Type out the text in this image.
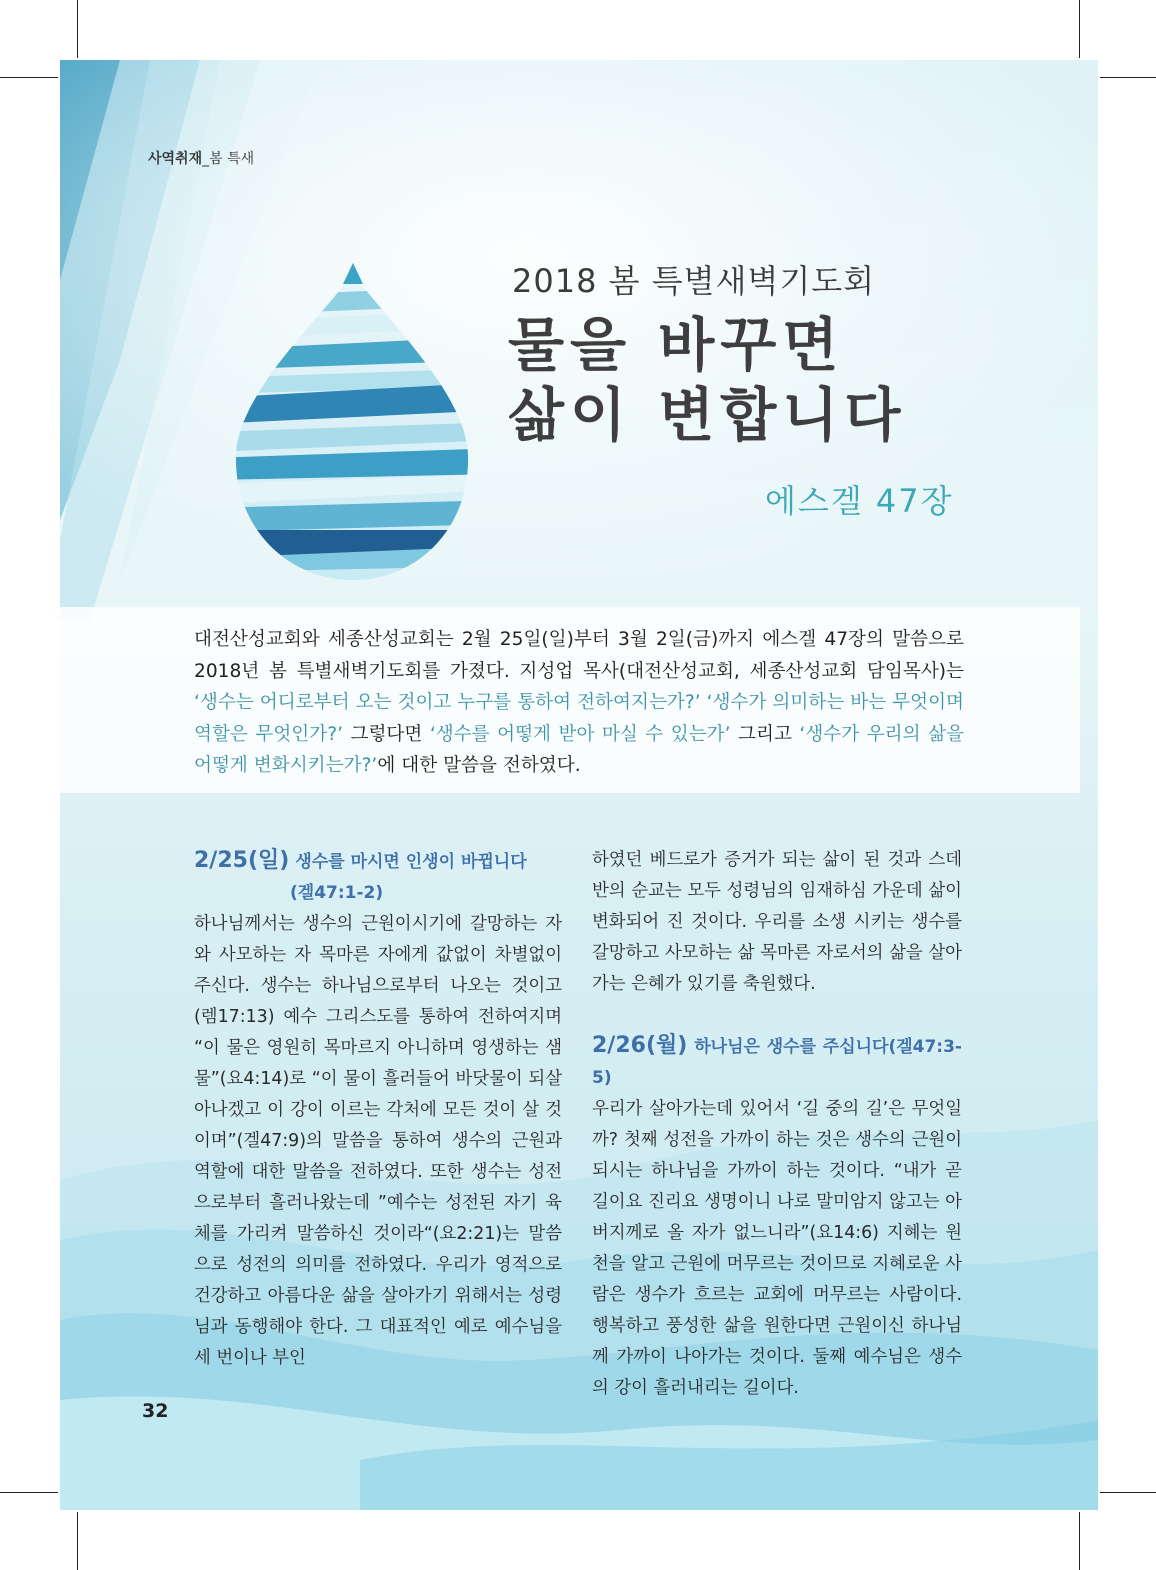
사역취재_봄 특새
2018 봄 특별새벽기도회
물을 바꾸면
삶이 변합니다
에스겔 47장
대전산성교회와 세종산성교회는 2월 25일(일)부터 3월 2일(금)까지 에스겔 47장의 말씀으로 2018년 봄 특별새벽기도회를 가졌다. 지성업 목사(대전산성교회, 세종산성교회 담임목사)는 ‘생수는 어디로부터 오는 것이고 누구를 통하여 전하여지는가?’ ‘생수가 의미하는 바는 무엇이며 역할은 무엇인가?’ 그렇다면 ‘생수를 어떻게 받아 마실 수 있는가’ 그리고 ‘생수가 우리의 삶을 어떻게 변화시키는가?’에 대한 말씀을 전하였다.
2/25(일) 생수를 마시면 인생이 바뀝니다
(겔47:1-2)

하나님께서는 생수의 근원이시기에 갈망하는 자와 사모하는 자 목마른 자에게 값없이 차별없이 주신다. 생수는 하나님으로부터 나오는 것이고(렘17:13) 예수 그리스도를 통하여 전하여지며 “이 물은 영원히 목마르지 아니하며 영생하는 샘물”(요4:14)로 “이 물이 흘러들어 바닷물이 되살아나겠고 이 강이 이르는 각처에 모든 것이 살 것이며”(겔47:9)의 말씀을 통하여 생수의 근원과 역할에 대한 말씀을 전하였다. 또한 생수는 성전으로부터 흘러나왔는데 ”예수는 성전된 자기 육체를 가리켜 말씀하신 것이라“(요2:21)는 말씀으로 성전의 의미를 전하였다. 우리가 영적으로 건강하고 아름다운 삶을 살아가기 위해서는 성령님과 동행해야 한다. 그 대표적인 예로 예수님을 세 번이나 부인

하였던 베드로가 증거가 되는 삶이 된 것과 스데반의 순교는 모두 성령님의 임재하심 가운데 삶이 변화되어 진 것이다. 우리를 소생 시키는 생수를 갈망하고 사모하는 삶 목마른 자로서의 삶을 살아가는 은혜가 있기를 축원했다.

2/26(월) 하나님은 생수를 주십니다(겔47:3-5)

우리가 살아가는데 있어서 ‘길 중의 길’은 무엇일까? 첫째 성전을 가까이 하는 것은 생수의 근원이 되시는 하나님을 가까이 하는 것이다. “내가 곧 길이요 진리요 생명이니 나로 말미암지 않고는 아버지께로 올 자가 없느니라”(요14:6) 지혜는 원천을 알고 근원에 머무르는 것이므로 지혜로운 사람은 생수가 흐르는 교회에 머무르는 사람이다. 행복하고 풍성한 삶을 원한다면 근원이신 하나님께 가까이 나아가는 것이다. 둘째 예수님은 생수의 강이 흘러내리는 길이다.

32
